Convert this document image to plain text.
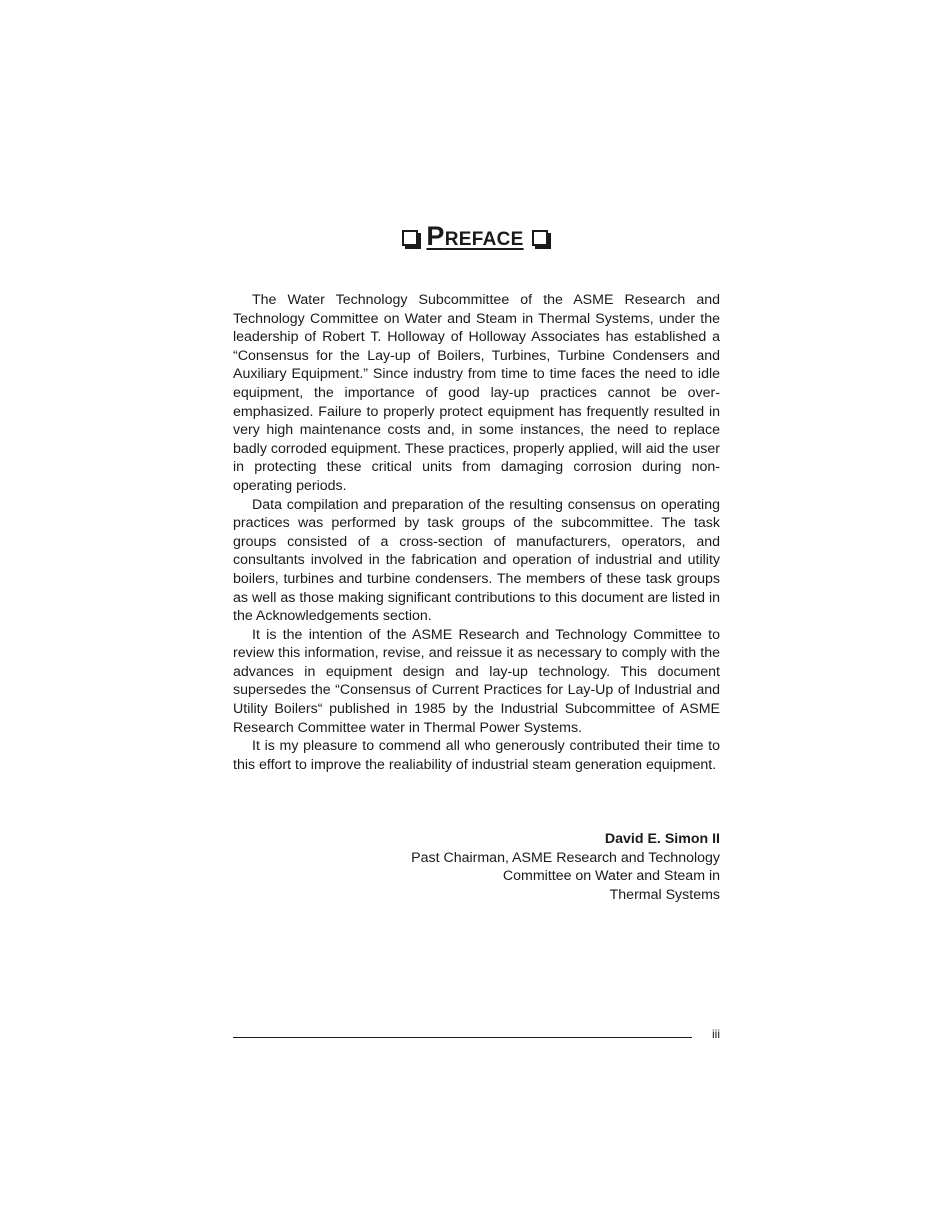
PREFACE

The Water Technology Subcommittee of the ASME Research and Technology Committee on Water and Steam in Thermal Systems, under the leadership of Robert T. Holloway of Holloway Associates has established a “Consensus for the Lay-up of Boilers, Turbines, Turbine Condensers and Auxiliary Equipment.” Since industry from time to time faces the need to idle equipment, the importance of good lay-up practices cannot be over-emphasized. Failure to properly protect equipment has frequently resulted in very high maintenance costs and, in some instances, the need to replace badly corroded equipment. These practices, properly applied, will aid the user in protecting these critical units from damaging corrosion during non-operating periods.

Data compilation and preparation of the resulting consensus on operating practices was performed by task groups of the subcommittee. The task groups consisted of a cross-section of manufacturers, operators, and consultants involved in the fabrication and operation of industrial and utility boilers, turbines and turbine condensers. The members of these task groups as well as those making significant contributions to this document are listed in the Acknowledgements section.

It is the intention of the ASME Research and Technology Committee to review this information, revise, and reissue it as necessary to comply with the advances in equipment design and lay-up technology. This document supersedes the “Consensus of Current Practices for Lay-Up of Industrial and Utility Boilers“ published in 1985 by the Industrial Subcommittee of ASME Research Committee water in Thermal Power Systems.

It is my pleasure to commend all who generously contributed their time to this effort to improve the realiability of industrial steam generation equipment.

David E. Simon II
Past Chairman, ASME Research and Technology
Committee on Water and Steam in
Thermal Systems
iii
